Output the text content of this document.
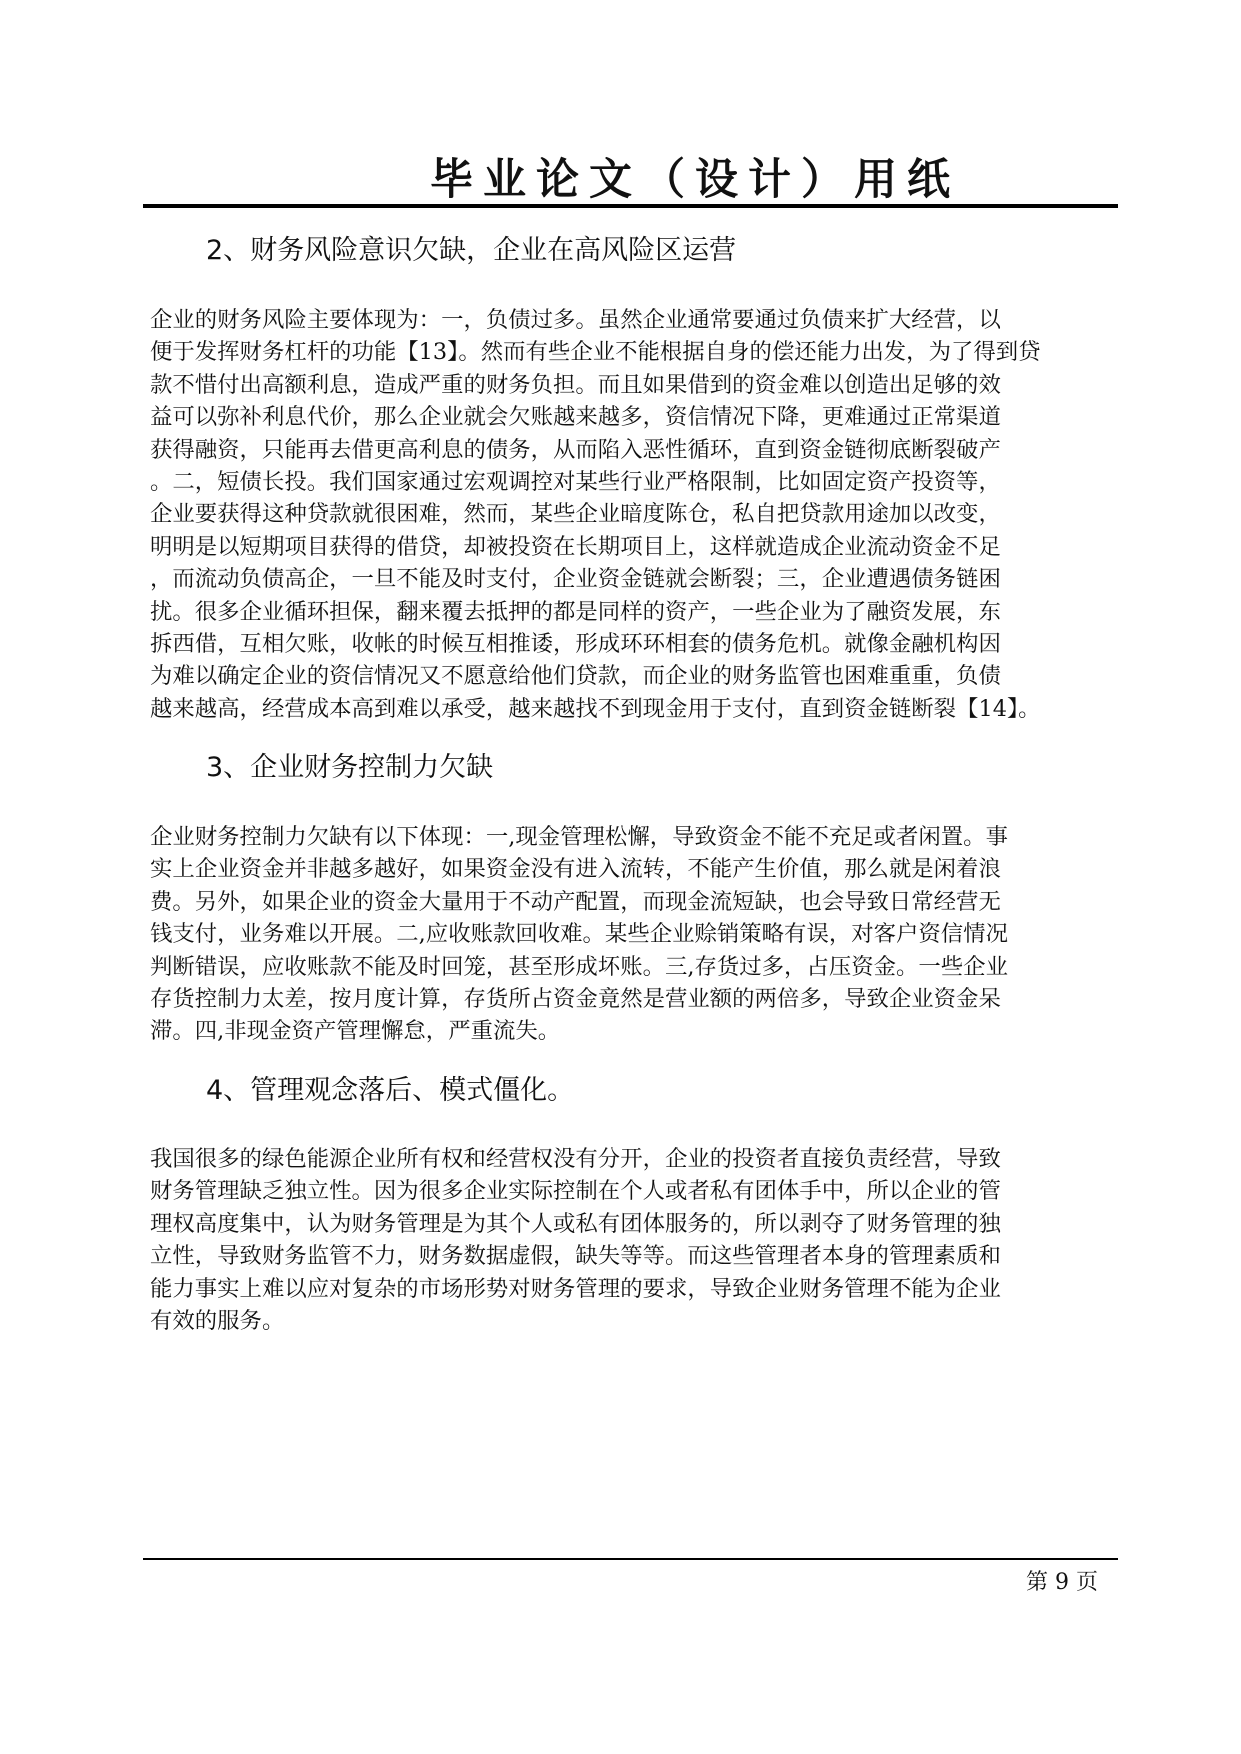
毕业论文（设计）用纸
2、财务风险意识欠缺，企业在高风险区运营
企业的财务风险主要体现为：一，负债过多。虽然企业通常要通过负债来扩大经营，以
便于发挥财务杠杆的功能【13】。然而有些企业不能根据自身的偿还能力出发，为了得到贷
款不惜付出高额利息，造成严重的财务负担。而且如果借到的资金难以创造出足够的效
益可以弥补利息代价，那么企业就会欠账越来越多，资信情况下降，更难通过正常渠道
获得融资，只能再去借更高利息的债务，从而陷入恶性循环，直到资金链彻底断裂破产
。二，短债长投。我们国家通过宏观调控对某些行业严格限制，比如固定资产投资等，
企业要获得这种贷款就很困难，然而，某些企业暗度陈仓，私自把贷款用途加以改变，
明明是以短期项目获得的借贷，却被投资在长期项目上，这样就造成企业流动资金不足
，而流动负债高企，一旦不能及时支付，企业资金链就会断裂；三，企业遭遇债务链困
扰。很多企业循环担保，翻来覆去抵押的都是同样的资产，一些企业为了融资发展，东
拆西借，互相欠账，收帐的时候互相推诿，形成环环相套的债务危机。就像金融机构因
为难以确定企业的资信情况又不愿意给他们贷款，而企业的财务监管也困难重重，负债
越来越高，经营成本高到难以承受，越来越找不到现金用于支付，直到资金链断裂【14】。
3、企业财务控制力欠缺
企业财务控制力欠缺有以下体现：一,现金管理松懈，导致资金不能不充足或者闲置。事
实上企业资金并非越多越好，如果资金没有进入流转，不能产生价值，那么就是闲着浪
费。另外，如果企业的资金大量用于不动产配置，而现金流短缺，也会导致日常经营无
钱支付，业务难以开展。二,应收账款回收难。某些企业赊销策略有误，对客户资信情况
判断错误，应收账款不能及时回笼，甚至形成坏账。三,存货过多，占压资金。一些企业
存货控制力太差，按月度计算，存货所占资金竟然是营业额的两倍多，导致企业资金呆
滞。四,非现金资产管理懈怠，严重流失。
4、管理观念落后、模式僵化。
我国很多的绿色能源企业所有权和经营权没有分开，企业的投资者直接负责经营，导致
财务管理缺乏独立性。因为很多企业实际控制在个人或者私有团体手中，所以企业的管
理权高度集中，认为财务管理是为其个人或私有团体服务的，所以剥夺了财务管理的独
立性，导致财务监管不力，财务数据虚假，缺失等等。而这些管理者本身的管理素质和
能力事实上难以应对复杂的市场形势对财务管理的要求，导致企业财务管理不能为企业
有效的服务。
第 9 页
